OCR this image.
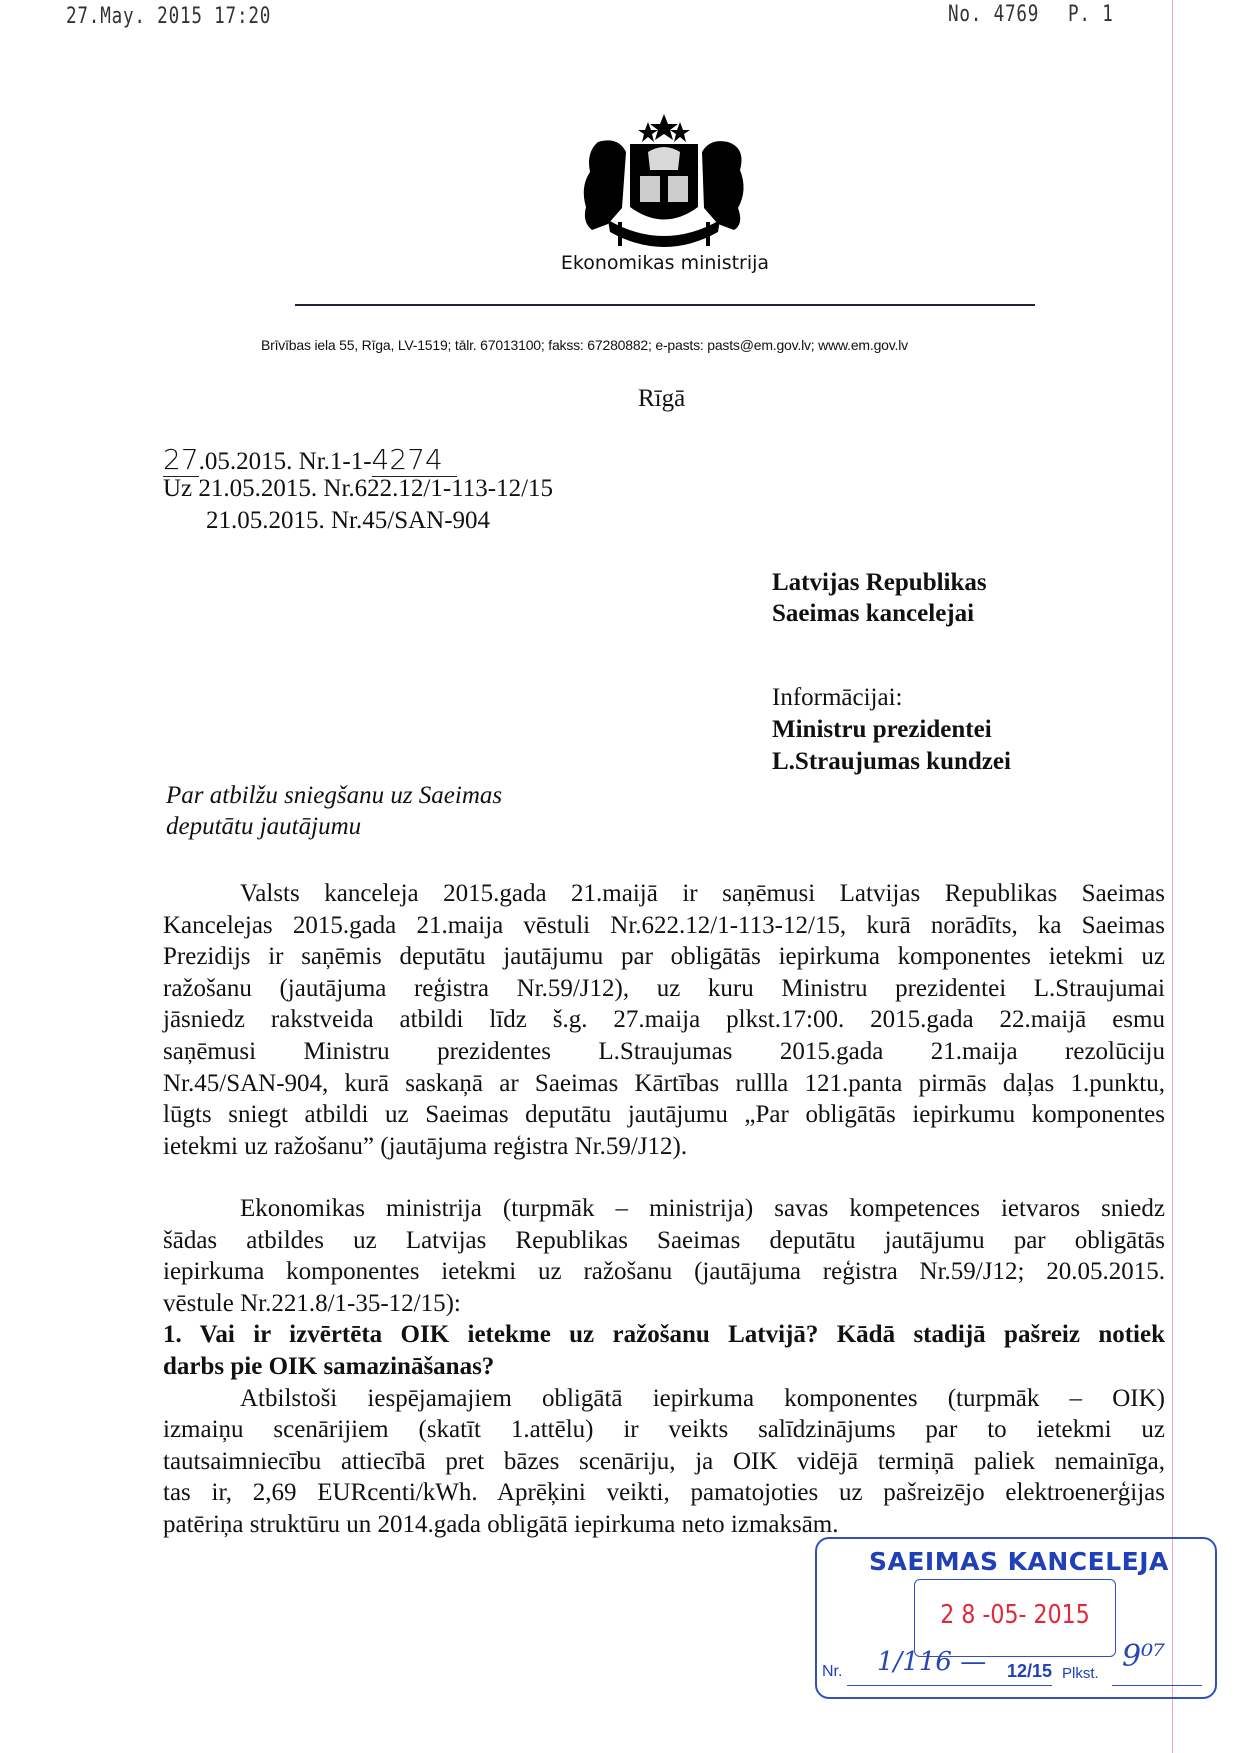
27.May. 2015 17:20	No. 4769 P. 1
Ekonomikas ministrija
Brīvības iela 55, Rīga, LV-1519; tālr. 67013100; fakss: 67280882; e-pasts: pasts@em.gov.lv; www.em.gov.lv
Rīgā
27.05.2015. Nr.1-1-4274
Uz 21.05.2015. Nr.622.12/1-113-12/15
21.05.2015. Nr.45/SAN-904
Latvijas Republikas
Saeimas kancelejai
Informācijai:
Ministru prezidentei
L.Straujumas kundzei
Par atbilžu sniegšanu uz Saeimas
deputātu jautājumu
Valsts kanceleja 2015.gada 21.maijā ir saņēmusi Latvijas Republikas Saeimas
Kancelejas 2015.gada 21.maija vēstuli Nr.622.12/1-113-12/15, kurā norādīts, ka Saeimas
Prezidijs ir saņēmis deputātu jautājumu par obligātās iepirkuma komponentes ietekmi uz
ražošanu (jautājuma reģistra Nr.59/J12), uz kuru Ministru prezidentei L.Straujumai
jāsniedz rakstveida atbildi līdz š.g. 27.maija plkst.17:00. 2015.gada 22.maijā esmu
saņēmusi Ministru prezidentes L.Straujumas 2015.gada 21.maija rezolūciju
Nr.45/SAN-904, kurā saskaņā ar Saeimas Kārtības rullla 121.panta pirmās daļas 1.punktu,
lūgts sniegt atbildi uz Saeimas deputātu jautājumu „Par obligātās iepirkumu komponentes
ietekmi uz ražošanu” (jautājuma reģistra Nr.59/J12).
Ekonomikas ministrija (turpmāk – ministrija) savas kompetences ietvaros sniedz
šādas atbildes uz Latvijas Republikas Saeimas deputātu jautājumu par obligātās
iepirkuma komponentes ietekmi uz ražošanu (jautājuma reģistra Nr.59/J12; 20.05.2015.
vēstule Nr.221.8/1-35-12/15):
1. Vai ir izvērtēta OIK ietekme uz ražošanu Latvijā? Kādā stadijā pašreiz notiek
darbs pie OIK samazināšanas?
Atbilstoši iespējamajiem obligātā iepirkuma komponentes (turpmāk – OIK)
izmaiņu scenārijiem (skatīt 1.attēlu) ir veikts salīdzinājums par to ietekmi uz
tautsaimniecību attiecībā pret bāzes scenāriju, ja OIK vidējā termiņā paliek nemainīga,
tas ir, 2,69 EURcenti/kWh. Aprēķini veikti, pamatojoties uz pašreizējo elektroenerģijas
patēriņa struktūru un 2014.gada obligātā iepirkuma neto izmaksām.
SAEIMAS KANCELEJA
2 8 -05- 2015
Nr. 1/116 — 12/15 Plkst. 9⁰⁷
